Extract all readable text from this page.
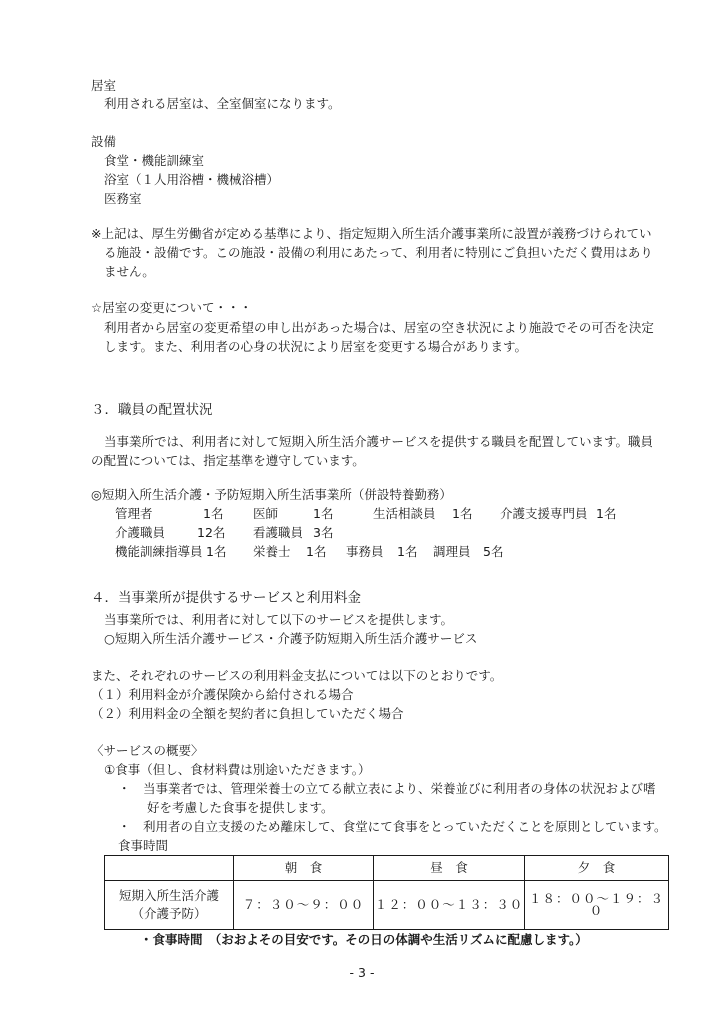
居室
利用される居室は、全室個室になります。
設備
食堂・機能訓練室
浴室（１人用浴槽・機械浴槽）
医務室
※上記は、厚生労働省が定める基準により、指定短期入所生活介護事業所に設置が義務づけられてい
る施設・設備です。この施設・設備の利用にあたって、利用者に特別にご負担いただく費用はあり
ません。
☆居室の変更について・・・
利用者から居室の変更希望の申し出があった場合は、居室の空き状況により施設でその可否を決定
します。また、利用者の心身の状況により居室を変更する場合があります。
３．職員の配置状況
当事業所では、利用者に対して短期入所生活介護サービスを提供する職員を配置しています。職員
の配置については、指定基準を遵守しています。
◎短期入所生活介護・予防短期入所生活事業所（併設特養勤務）
管理者	1名 医師	1名	生活相談員 1名 介護支援専門員 1名
介護職員	12名 看護職員 3名
機能訓練指導員 1名 栄養士 1名 事務員 1名 調理員 5名
４．当事業所が提供するサービスと利用料金
当事業所では、利用者に対して以下のサービスを提供します。
○短期入所生活介護サービス・介護予防短期入所生活介護サービス
また、それぞれのサービスの利用料金支払については以下のとおりです。
（１）利用料金が介護保険から給付される場合
（２）利用料金の全額を契約者に負担していただく場合
〈サービスの概要〉
①食事（但し、食材料費は別途いただきます。）
・　当事業者では、管理栄養士の立てる献立表により、栄養並びに利用者の身体の状況および嗜
好を考慮した食事を提供します。
・　利用者の自立支援のため離床して、食堂にて食事をとっていただくことを原則としています。
食事時間
	朝　食	昼　食	夕　食

短期入所生活介護
（介護予防）	７：３０～９：００	１２：００～１３：３０	１８：００～１９：３０
・食事時間　（おおよその目安です。その日の体調や生活リズムに配慮します。）
- 3 -
